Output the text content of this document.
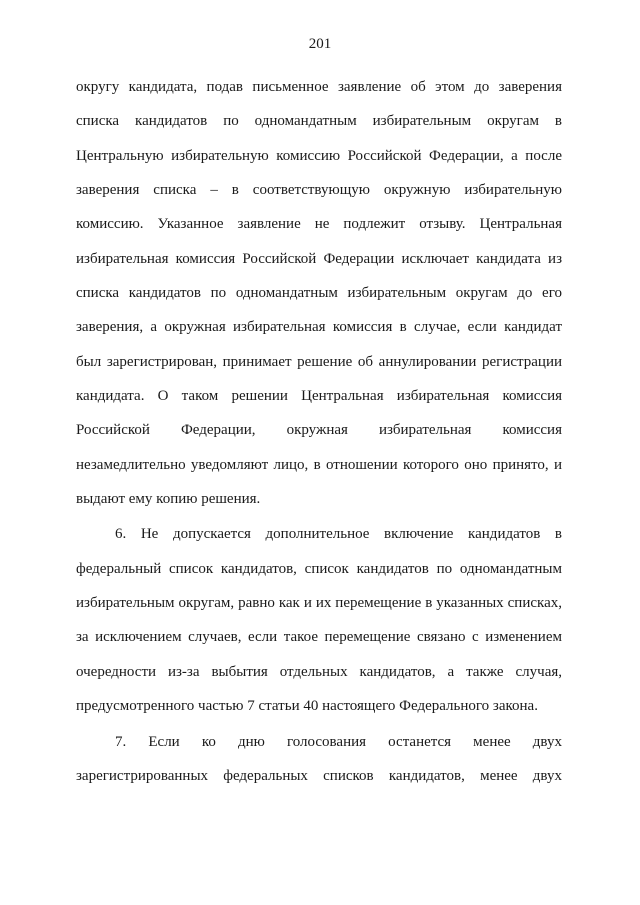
201
округу кандидата, подав письменное заявление об этом до заверения
списка кандидатов по одномандатным избирательным округам в
Центральную избирательную комиссию Российской Федерации, а после
заверения списка – в соответствующую окружную избирательную
комиссию. Указанное заявление не подлежит отзыву. Центральная
избирательная комиссия Российской Федерации исключает кандидата из
списка кандидатов по одномандатным избирательным округам до его
заверения, а окружная избирательная комиссия в случае, если кандидат
был зарегистрирован, принимает решение об аннулировании регистрации
кандидата. О таком решении Центральная избирательная комиссия
Российской Федерации, окружная избирательная комиссия
незамедлительно уведомляют лицо, в отношении которого оно принято, и
выдают ему копию решения.
6. Не допускается дополнительное включение кандидатов в
федеральный список кандидатов, список кандидатов по одномандатным
избирательным округам, равно как и их перемещение в указанных списках,
за исключением случаев, если такое перемещение связано с изменением
очередности из-за выбытия отдельных кандидатов, а также случая,
предусмотренного частью 7 статьи 40 настоящего Федерального закона.
7. Если ко дню голосования останется менее двух
зарегистрированных федеральных списков кандидатов, менее двух
